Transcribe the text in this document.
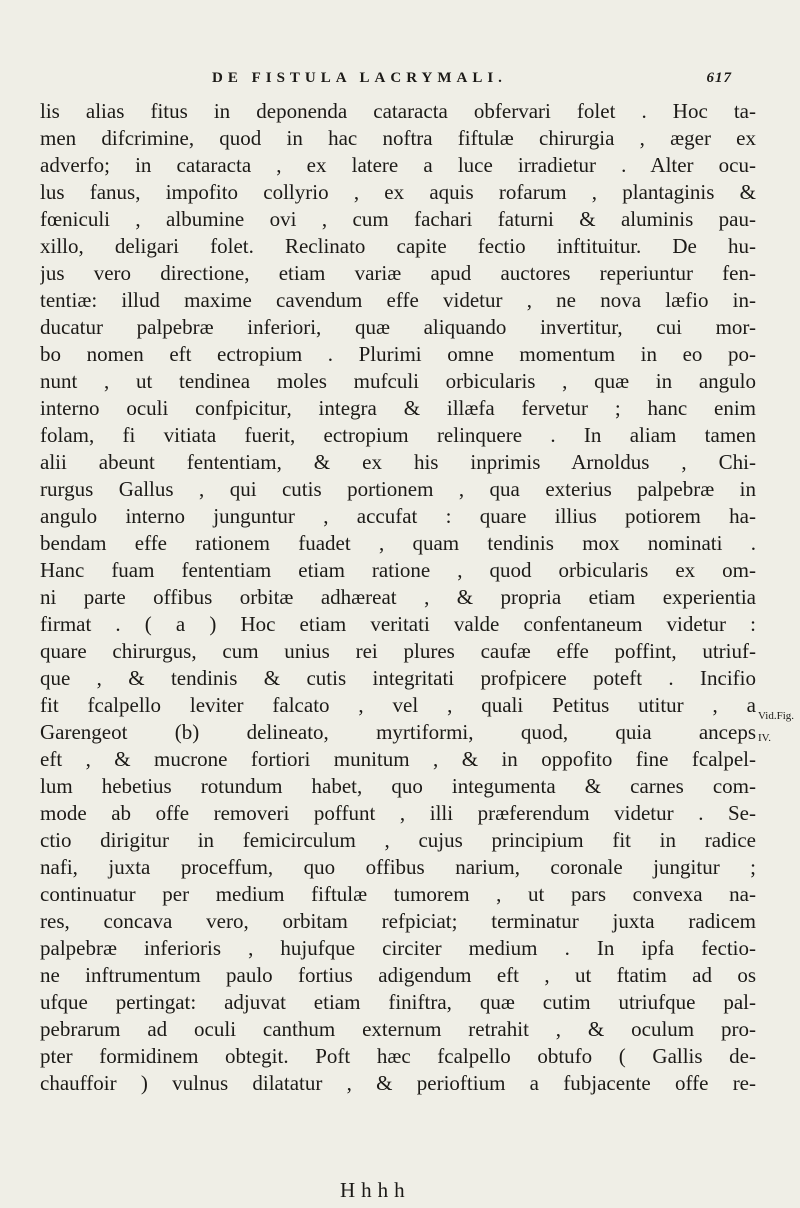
DE FISTULA LACRYMALI.	617
lis alias fitus in deponenda cataracta obfervari folet . Hoc ta-
men difcrimine, quod in hac noftra fiftulæ chirurgia , æger ex
adverfo; in cataracta , ex latere a luce irradietur . Alter ocu-
lus fanus, impofito collyrio , ex aquis rofarum , plantaginis &
fœniculi , albumine ovi , cum fachari faturni & aluminis pau-
xillo, deligari folet. Reclinato capite fectio inftituitur. De hu-
jus vero directione, etiam variæ apud auctores reperiuntur fen-
tentiæ: illud maxime cavendum effe videtur , ne nova læfio in-
ducatur palpebræ inferiori, quæ aliquando invertitur, cui mor-
bo nomen eft ectropium . Plurimi omne momentum in eo po-
nunt , ut tendinea moles mufculi orbicularis , quæ in angulo
interno oculi confpicitur, integra & illæfa fervetur ; hanc enim
folam, fi vitiata fuerit, ectropium relinquere . In aliam tamen
alii abeunt fententiam, & ex his inprimis Arnoldus , Chi-
rurgus Gallus , qui cutis portionem , qua exterius palpebræ in
angulo interno junguntur , accufat : quare illius potiorem ha-
bendam effe rationem fuadet , quam tendinis mox nominati .
Hanc fuam fententiam etiam ratione , quod orbicularis ex om-
ni parte offibus orbitæ adhæreat , & propria etiam experientia
firmat . ( a ) Hoc etiam veritati valde confentaneum videtur :
quare chirurgus, cum unius rei plures caufæ effe poffint, utriuf-
que , & tendinis & cutis integritati profpicere poteft . Incifio
fit fcalpello leviter falcato , vel , quali Petitus utitur , a
Garengeot (b) delineato, myrtiformi, quod, quia anceps
eft , & mucrone fortiori munitum , & in oppofito fine fcalpel-
lum hebetius rotundum habet, quo integumenta & carnes com-
mode ab offe removeri poffunt , illi præferendum videtur . Se-
ctio dirigitur in femicirculum , cujus principium fit in radice
nafi, juxta proceffum, quo offibus narium, coronale jungitur ;
continuatur per medium fiftulæ tumorem , ut pars convexa na-
res, concava vero, orbitam refpiciat; terminatur juxta radicem
palpebræ inferioris , hujufque circiter medium . In ipfa fectio-
ne inftrumentum paulo fortius adigendum eft , ut ftatim ad os
ufque pertingat: adjuvat etiam finiftra, quæ cutim utriufque pal-
pebrarum ad oculi canthum externum retrahit , & oculum pro-
pter formidinem obtegit. Poft hæc fcalpello obtufo ( Gallis de-
chauffoir ) vulnus dilatatur , & perioftium a fubjacente offe re-
Vid.Fig.
IV.
Hhhh
